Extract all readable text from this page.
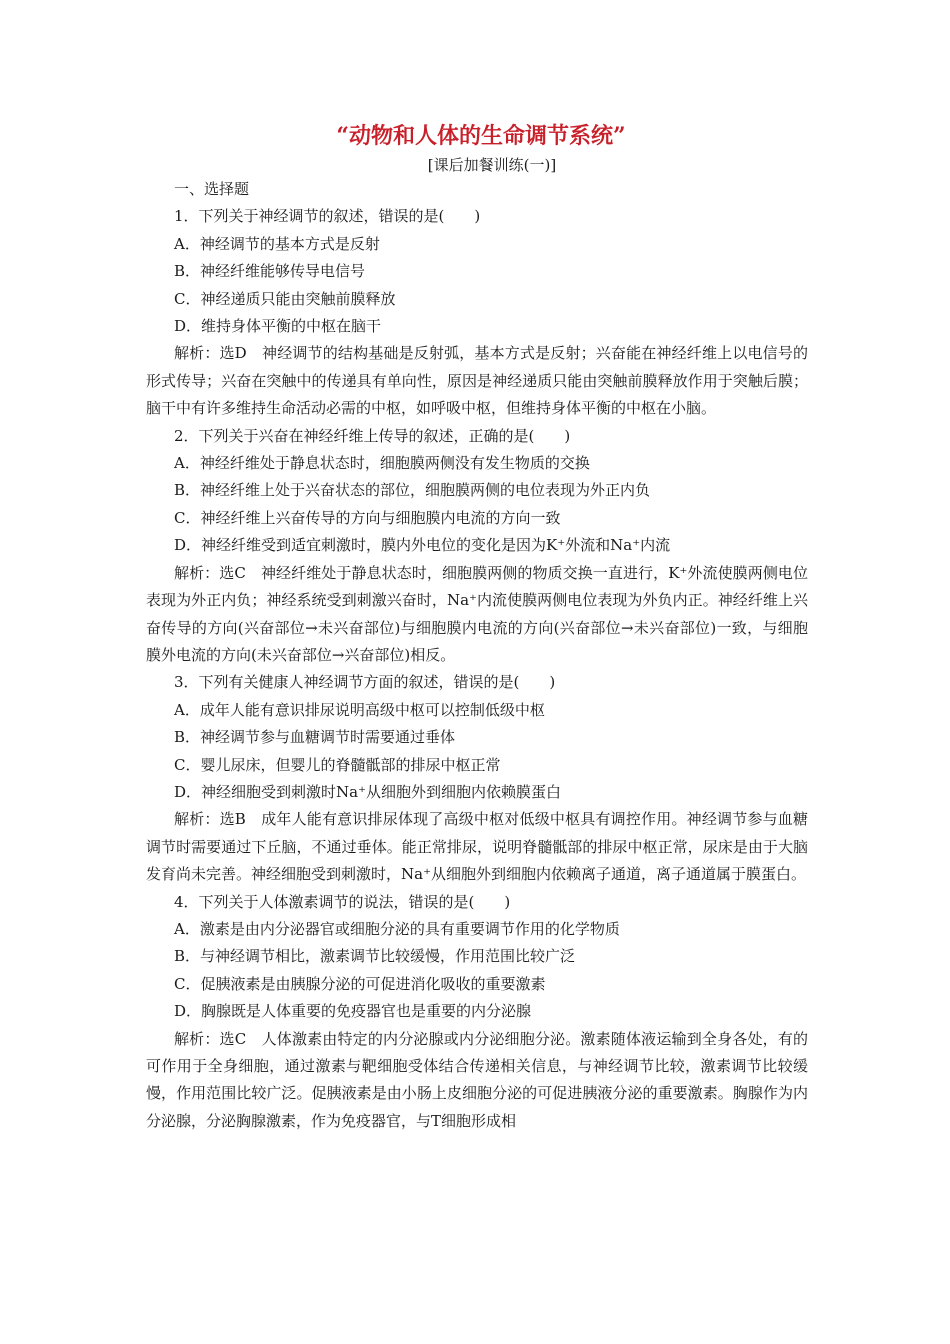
“动物和人体的生命调节系统”

[课后加餐训练(一)]

一、选择题

1．下列关于神经调节的叙述，错误的是(　　)

A．神经调节的基本方式是反射

B．神经纤维能够传导电信号

C．神经递质只能由突触前膜释放

D．维持身体平衡的中枢在脑干

解析：选D　神经调节的结构基础是反射弧，基本方式是反射；兴奋能在神经纤维上以电信号的形式传导；兴奋在突触中的传递具有单向性，原因是神经递质只能由突触前膜释放作用于突触后膜；脑干中有许多维持生命活动必需的中枢，如呼吸中枢，但维持身体平衡的中枢在小脑。

2．下列关于兴奋在神经纤维上传导的叙述，正确的是(　　)

A．神经纤维处于静息状态时，细胞膜两侧没有发生物质的交换

B．神经纤维上处于兴奋状态的部位，细胞膜两侧的电位表现为外正内负

C．神经纤维上兴奋传导的方向与细胞膜内电流的方向一致

D．神经纤维受到适宜刺激时，膜内外电位的变化是因为K⁺外流和Na⁺内流

解析：选C　神经纤维处于静息状态时，细胞膜两侧的物质交换一直进行，K⁺外流使膜两侧电位表现为外正内负；神经系统受到刺激兴奋时，Na⁺内流使膜两侧电位表现为外负内正。神经纤维上兴奋传导的方向(兴奋部位→未兴奋部位)与细胞膜内电流的方向(兴奋部位→未兴奋部位)一致，与细胞膜外电流的方向(未兴奋部位→兴奋部位)相反。

3．下列有关健康人神经调节方面的叙述，错误的是(　　)

A．成年人能有意识排尿说明高级中枢可以控制低级中枢

B．神经调节参与血糖调节时需要通过垂体

C．婴儿尿床，但婴儿的脊髓骶部的排尿中枢正常

D．神经细胞受到刺激时Na⁺从细胞外到细胞内依赖膜蛋白

解析：选B　成年人能有意识排尿体现了高级中枢对低级中枢具有调控作用。神经调节参与血糖调节时需要通过下丘脑，不通过垂体。能正常排尿，说明脊髓骶部的排尿中枢正常，尿床是由于大脑发育尚未完善。神经细胞受到刺激时，Na⁺从细胞外到细胞内依赖离子通道，离子通道属于膜蛋白。

4．下列关于人体激素调节的说法，错误的是(　　)

A．激素是由内分泌器官或细胞分泌的具有重要调节作用的化学物质

B．与神经调节相比，激素调节比较缓慢，作用范围比较广泛

C．促胰液素是由胰腺分泌的可促进消化吸收的重要激素

D．胸腺既是人体重要的免疫器官也是重要的内分泌腺

解析：选C　人体激素由特定的内分泌腺或内分泌细胞分泌。激素随体液运输到全身各处，有的可作用于全身细胞，通过激素与靶细胞受体结合传递相关信息，与神经调节比较，激素调节比较缓慢，作用范围比较广泛。促胰液素是由小肠上皮细胞分泌的可促进胰液分泌的重要激素。胸腺作为内分泌腺，分泌胸腺激素，作为免疫器官，与T细胞形成相
